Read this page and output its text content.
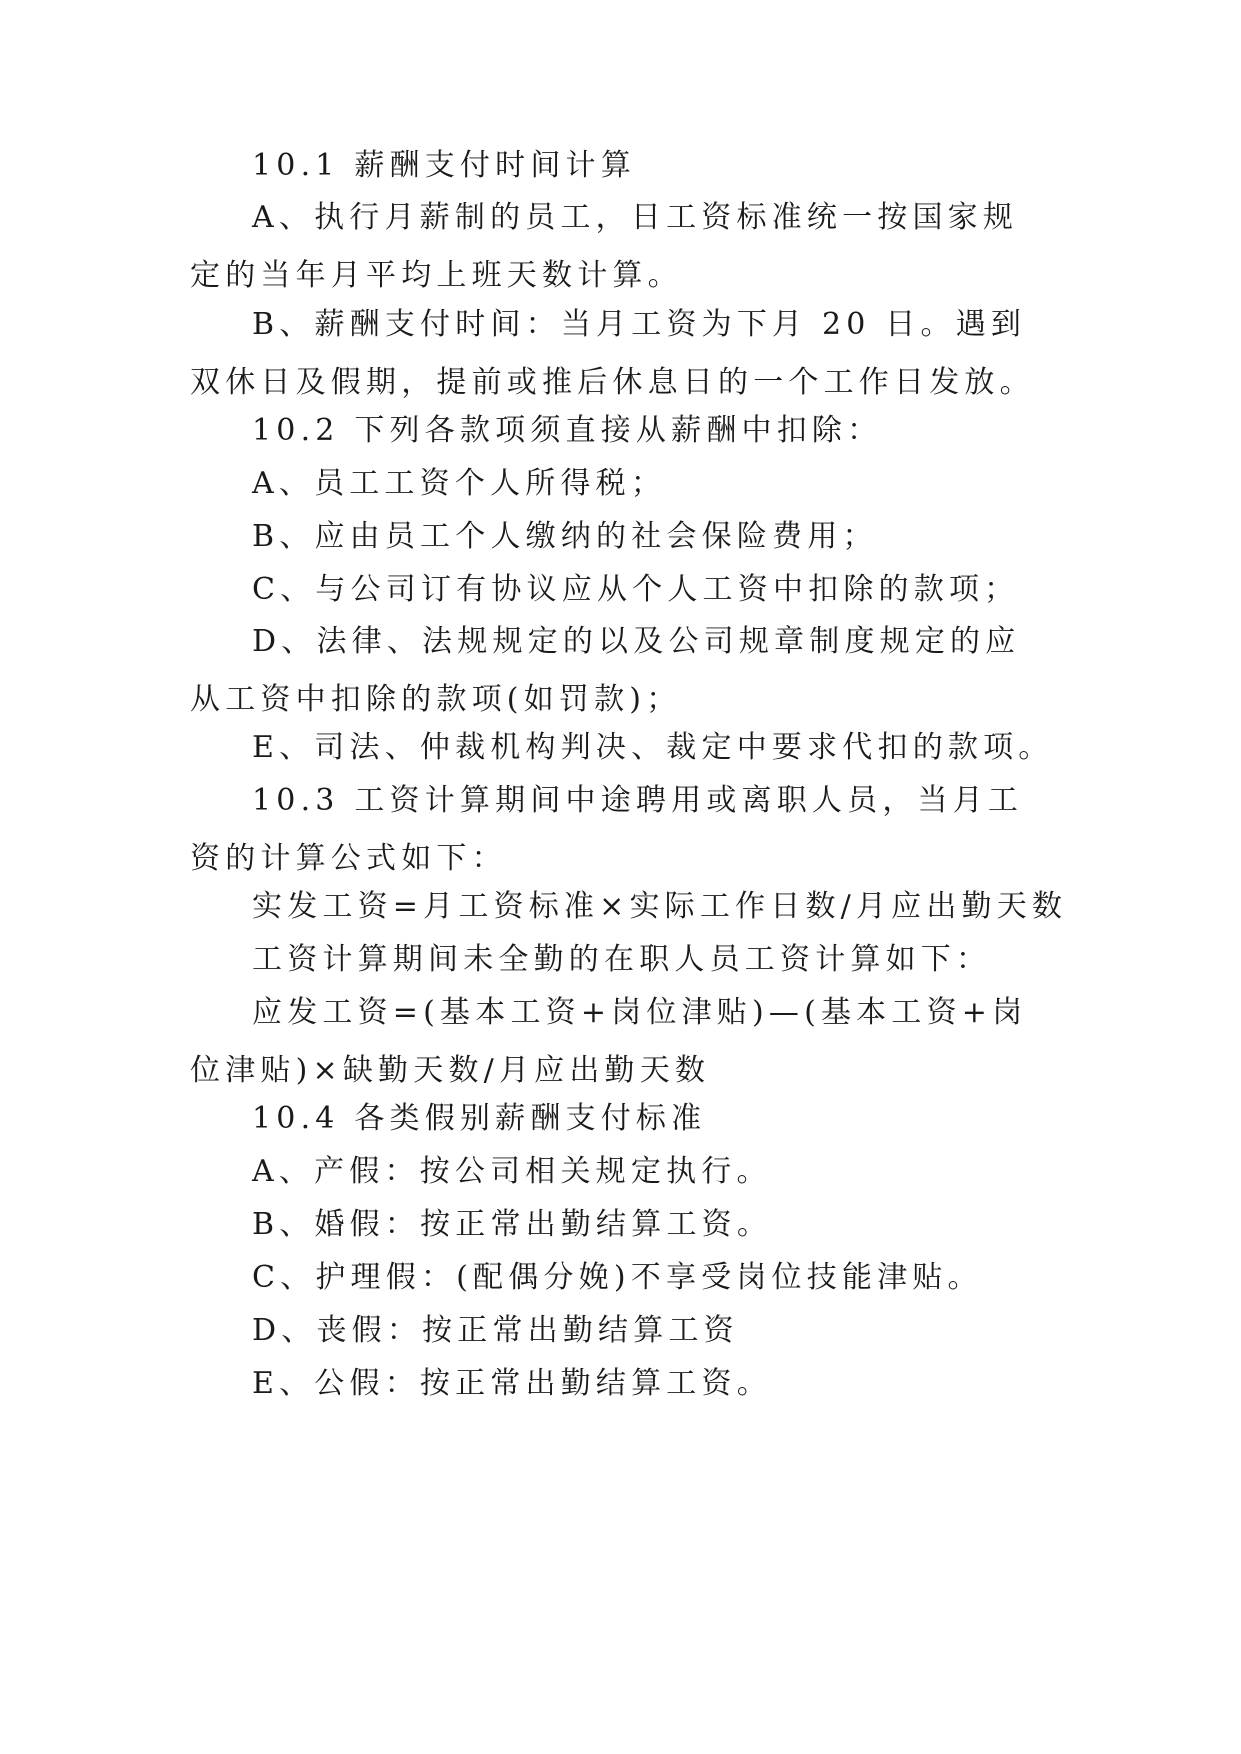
10.1 薪酬支付时间计算

A、执行月薪制的员工，日工资标准统一按国家规定的当年月平均上班天数计算。

B、薪酬支付时间：当月工资为下月 20 日。遇到双休日及假期，提前或推后休息日的一个工作日发放。

10.2 下列各款项须直接从薪酬中扣除：

A、员工工资个人所得税；

B、应由员工个人缴纳的社会保险费用；

C、与公司订有协议应从个人工资中扣除的款项；

D、法律、法规规定的以及公司规章制度规定的应从工资中扣除的款项(如罚款)；

E、司法、仲裁机构判决、裁定中要求代扣的款项。

10.3 工资计算期间中途聘用或离职人员，当月工资的计算公式如下：

实发工资=月工资标准×实际工作日数/月应出勤天数

工资计算期间未全勤的在职人员工资计算如下：

应发工资=(基本工资+岗位津贴)—(基本工资+岗位津贴)×缺勤天数/月应出勤天数

10.4 各类假别薪酬支付标准

A、产假：按公司相关规定执行。

B、婚假：按正常出勤结算工资。

C、护理假：(配偶分娩)不享受岗位技能津贴。

D、丧假：按正常出勤结算工资

E、公假：按正常出勤结算工资。
